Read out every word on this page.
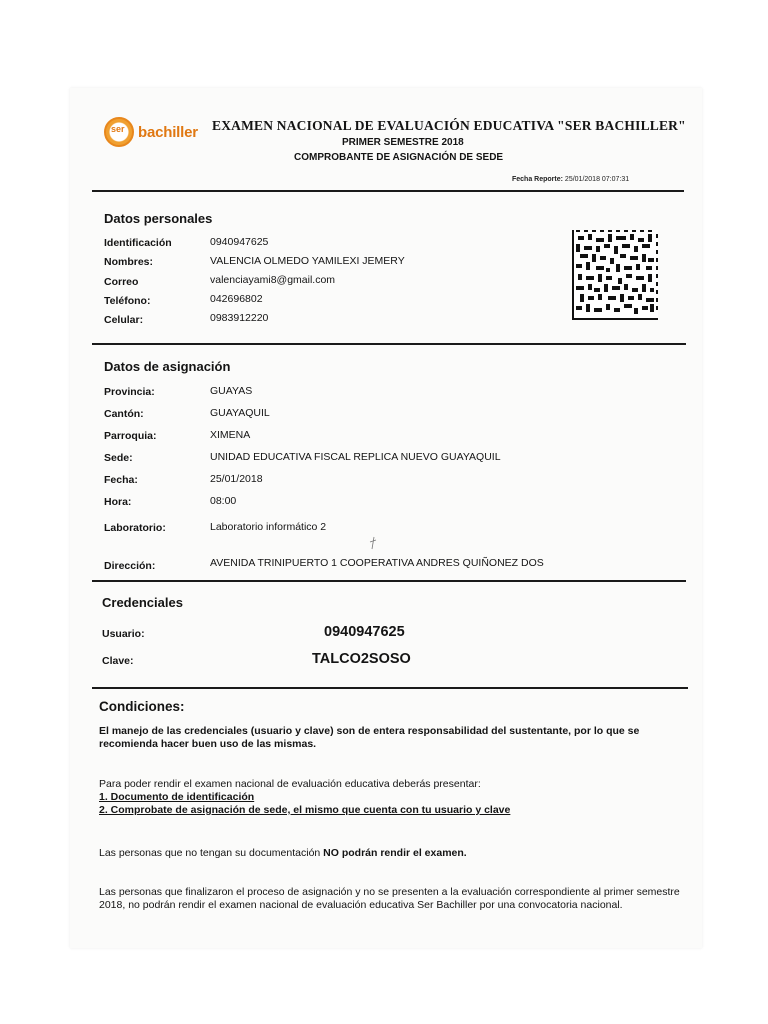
ser bachiller EXAMEN NACIONAL DE EVALUACIÓN EDUCATIVA "SER BACHILLER"
PRIMER SEMESTRE 2018
COMPROBANTE DE ASIGNACIÓN DE SEDE
Fecha Reporte: 25/01/2018 07:07:31
Datos personales
Identificación	0940947625
Nombres:	VALENCIA OLMEDO YAMILEXI JEMERY
Correo	valenciayami8@gmail.com
Teléfono:	042696802
Celular:	0983912220
Datos de asignación
Provincia:	GUAYAS
Cantón:	GUAYAQUIL
Parroquia:	XIMENA
Sede:	UNIDAD EDUCATIVA FISCAL REPLICA NUEVO GUAYAQUIL
Fecha:	25/01/2018
Hora:	08:00
Laboratorio:	Laboratorio informático 2
Dirección:	AVENIDA TRINIPUERTO 1 COOPERATIVA ANDRES QUIÑONEZ DOS
Credenciales
Usuario:	0940947625
Clave:	TALCO2SOSO
Condiciones:
El manejo de las credenciales (usuario y clave) son de entera responsabilidad del sustentante, por lo que se recomienda hacer buen uso de las mismas.
Para poder rendir el examen nacional de evaluación educativa deberás presentar:
1. Documento de identificación
2. Comprobate de asignación de sede, el mismo que cuenta con tu usuario y clave
Las personas que no tengan su documentación NO podrán rendir el examen.
Las personas que finalizaron el proceso de asignación y no se presenten a la evaluación correspondiente al primer semestre 2018, no podrán rendir el examen nacional de evaluación educativa Ser Bachiller por una convocatoria nacional.
